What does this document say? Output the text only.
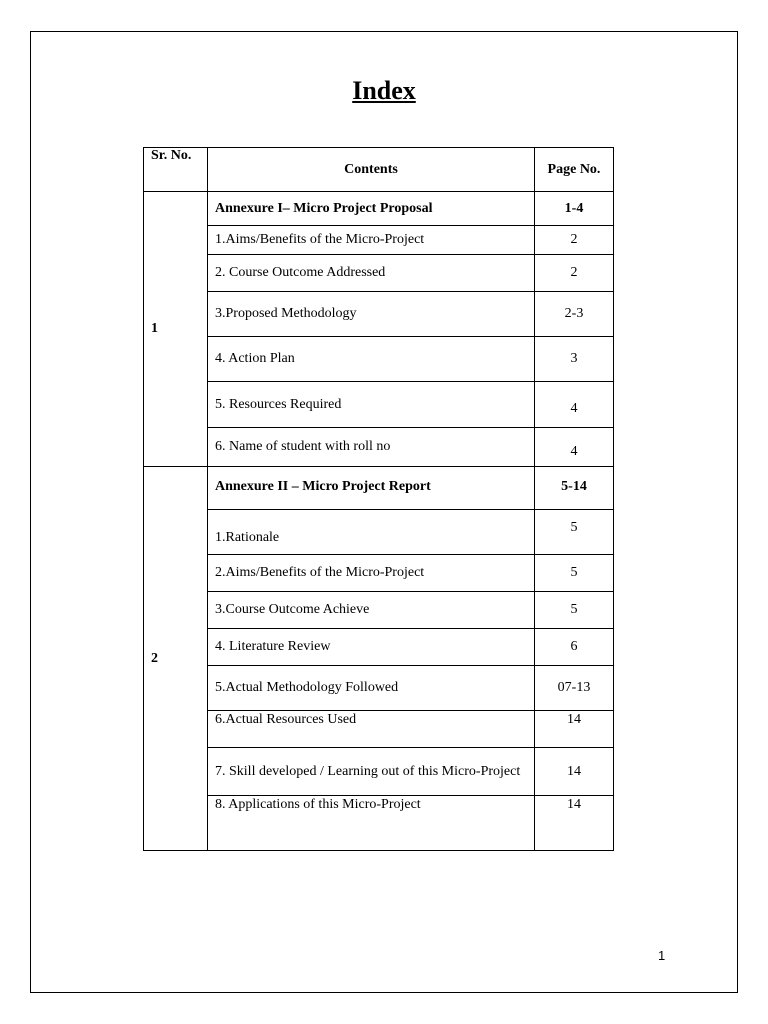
Index
Sr. No.	Contents	Page No.
1	Annexure I– Micro Project Proposal	1-4
	1.Aims/Benefits of the Micro-Project	2
	2. Course Outcome Addressed	2
	3.Proposed Methodology	2-3
	4. Action Plan	3
	5. Resources Required	4
	6. Name of student with roll no	4
2	Annexure II – Micro Project Report	5-14
	1.Rationale	5
	2.Aims/Benefits of the Micro-Project	5
	3.Course Outcome Achieve	5
	4. Literature Review	6
	5.Actual Methodology Followed	07-13
	6.Actual Resources Used	14
	7. Skill developed / Learning out of this Micro-Project	14
	8. Applications of this Micro-Project	14
1
